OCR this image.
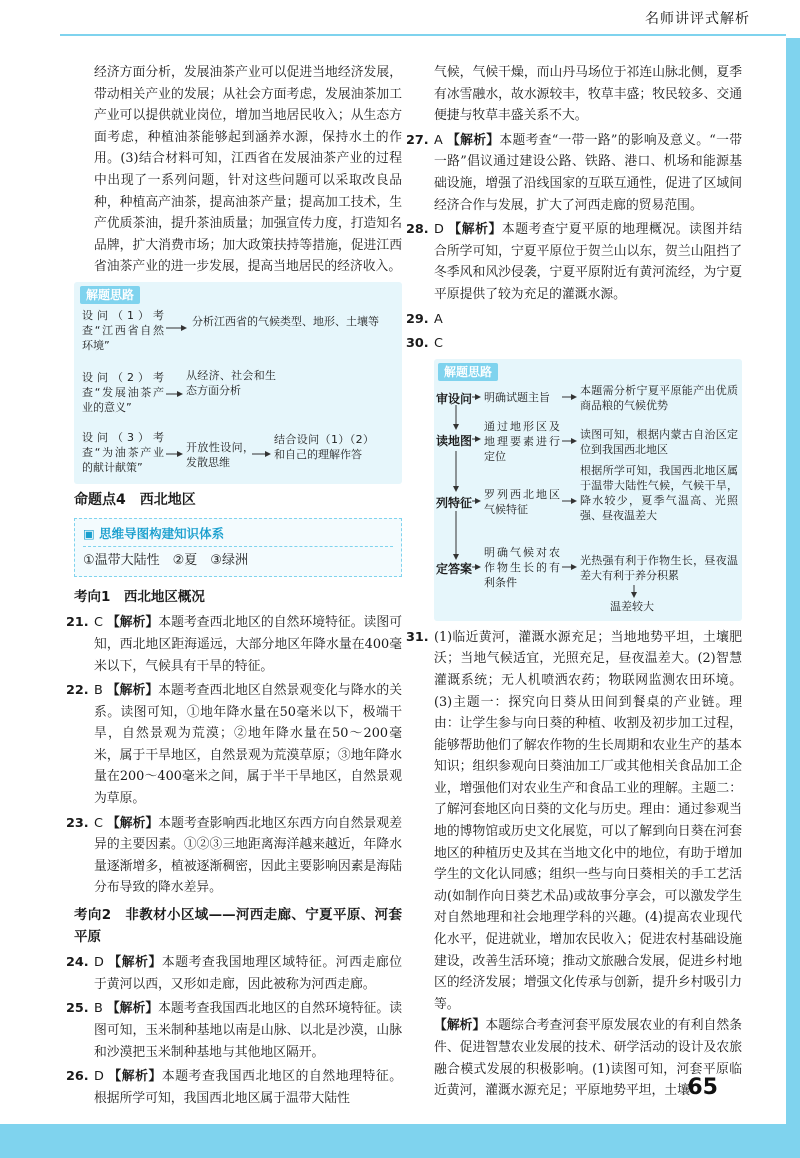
名师讲评式解析

经济方面分析，发展油茶产业可以促进当地经济发展，带动相关产业的发展；从社会方面考虑，发展油茶加工产业可以提供就业岗位，增加当地居民收入；从生态方面考虑，种植油茶能够起到涵养水源，保持水土的作用。(3)结合材料可知，江西省在发展油茶产业的过程中出现了一系列问题，针对这些问题可以采取改良品种，种植高产油茶，提高油茶产量；提高加工技术，生产优质茶油，提升茶油质量；加强宣传力度，打造知名品牌，扩大消费市场；加大政策扶持等措施，促进江西省油茶产业的进一步发展，提高当地居民的经济收入。

解题思路
设问（1）考查“江西省自然环境”
分析江西省的气候类型、地形、土壤等
设问（2）考查“发展油茶产业的意义”
从经济、社会和生态方面分析
设问（3）考查“为油茶产业的献计献策”
开放性设问，发散思维
结合设问（1）（2）和自己的理解作答
命题点4　西北地区
▣ 思维导图构建知识体系
①温带大陆性　②夏　③绿洲
考向1　西北地区概况

21. C 【解析】本题考查西北地区的自然环境特征。读图可知，西北地区距海遥远，大部分地区年降水量在400毫米以下，气候具有干旱的特征。

22. B 【解析】本题考查西北地区自然景观变化与降水的关系。读图可知，①地年降水量在50毫米以下，极端干旱，自然景观为荒漠；②地年降水量在50～200毫米，属于干旱地区，自然景观为荒漠草原；③地年降水量在200～400毫米之间，属于半干旱地区，自然景观为草原。

23. C 【解析】本题考查影响西北地区东西方向自然景观差异的主要因素。①②③三地距离海洋越来越近，年降水量逐渐增多，植被逐渐稠密，因此主要影响因素是海陆分布导致的降水差异。

考向2　非教材小区域——河西走廊、宁夏平原、河套平原

24. D 【解析】本题考查我国地理区域特征。河西走廊位于黄河以西，又形如走廊，因此被称为河西走廊。

25. B 【解析】本题考查我国西北地区的自然环境特征。读图可知，玉米制种基地以南是山脉、以北是沙漠，山脉和沙漠把玉米制种基地与其他地区隔开。

26. D 【解析】本题考查我国西北地区的自然地理特征。根据所学可知，我国西北地区属于温带大陆性

气候，气候干燥，而山丹马场位于祁连山脉北侧，夏季有冰雪融水，故水源较丰，牧草丰盛；牧民较多、交通便捷与牧草丰盛关系不大。

27. A 【解析】本题考查“一带一路”的影响及意义。“一带一路”倡议通过建设公路、铁路、港口、机场和能源基础设施，增强了沿线国家的互联互通性，促进了区域间经济合作与发展，扩大了河西走廊的贸易范围。

28. D 【解析】本题考查宁夏平原的地理概况。读图并结合所学可知，宁夏平原位于贺兰山以东，贺兰山阻挡了冬季风和风沙侵袭，宁夏平原附近有黄河流经，为宁夏平原提供了较为充足的灌溉水源。

29. A

30. C

解题思路
审设问 明确试题主旨
本题需分析宁夏平原能产出优质商品粮的气候优势
读地图
通过地形区及地理要素进行定位
读图可知，根据内蒙古自治区定位到我国西北地区
列特征
罗列西北地区气候特征
根据所学可知，我国西北地区属于温带大陆性气候，气候干旱，降水较少，夏季气温高、光照强、昼夜温差大
定答案
明确气候对农作物生长的有利条件
光热强有利于作物生长，昼夜温差大有利于养分积累
温差较大

31. (1)临近黄河，灌溉水源充足；当地地势平坦，土壤肥沃；当地气候适宜，光照充足，昼夜温差大。(2)智慧灌溉系统；无人机喷洒农药；物联网监测农田环境。(3)主题一：探究向日葵从田间到餐桌的产业链。理由：让学生参与向日葵的种植、收割及初步加工过程，能够帮助他们了解农作物的生长周期和农业生产的基本知识；组织参观向日葵油加工厂或其他相关食品加工企业，增强他们对农业生产和食品工业的理解。主题二：了解河套地区向日葵的文化与历史。理由：通过参观当地的博物馆或历史文化展览，可以了解到向日葵在河套地区的种植历史及其在当地文化中的地位，有助于增加学生的文化认同感；组织一些与向日葵相关的手工艺活动(如制作向日葵艺术品)或故事分享会，可以激发学生对自然地理和社会地理学科的兴趣。(4)提高农业现代化水平，促进就业，增加农民收入；促进农村基础设施建设，改善生活环境；推动文旅融合发展，促进乡村地区的经济发展；增强文化传承与创新，提升乡村吸引力等。

【解析】本题综合考查河套平原发展农业的有利自然条件、促进智慧农业发展的技术、研学活动的设计及农旅融合模式发展的积极影响。(1)读图可知，河套平原临近黄河，灌溉水源充足；平原地势平坦，土壤

65
